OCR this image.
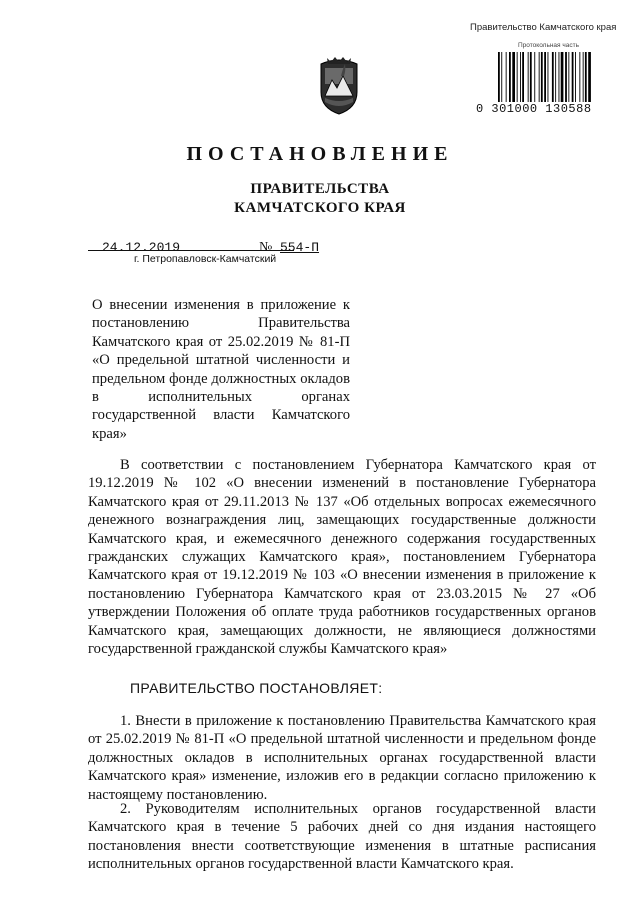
Правительство Камчатского края
Протокольная часть
0 301000 130588
ПОСТАНОВЛЕНИЕ
ПРАВИТЕЛЬСТВА
КАМЧАТСКОГО КРАЯ
24.12.2019	№ 554-П
г. Петропавловск-Камчатский
О внесении изменения в приложение к постановлению Правительства Камчатского края от 25.02.2019 № 81-П «О предельной штатной численности и предельном фонде должностных окладов в исполнительных органах государственной власти Камчатского края»
В соответствии с постановлением Губернатора Камчатского края от 19.12.2019 № 102 «О внесении изменений в постановление Губернатора Камчатского края от 29.11.2013 № 137 «Об отдельных вопросах ежемесячного денежного вознаграждения лиц, замещающих государственные должности Камчатского края, и ежемесячного денежного содержания государственных гражданских служащих Камчатского края», постановлением Губернатора Камчатского края от 19.12.2019 № 103 «О внесении изменения в приложение к постановлению Губернатора Камчатского края от 23.03.2015 № 27 «Об утверждении Положения об оплате труда работников государственных органов Камчатского края, замещающих должности, не являющиеся должностями государственной гражданской службы Камчатского края»
ПРАВИТЕЛЬСТВО ПОСТАНОВЛЯЕТ:
1. Внести в приложение к постановлению Правительства Камчатского края от 25.02.2019 № 81-П «О предельной штатной численности и предельном фонде должностных окладов в исполнительных органах государственной власти Камчатского края» изменение, изложив его в редакции согласно приложению к настоящему постановлению.
2. Руководителям исполнительных органов государственной власти Камчатского края в течение 5 рабочих дней со дня издания настоящего постановления внести соответствующие изменения в штатные расписания исполнительных органов государственной власти Камчатского края.
